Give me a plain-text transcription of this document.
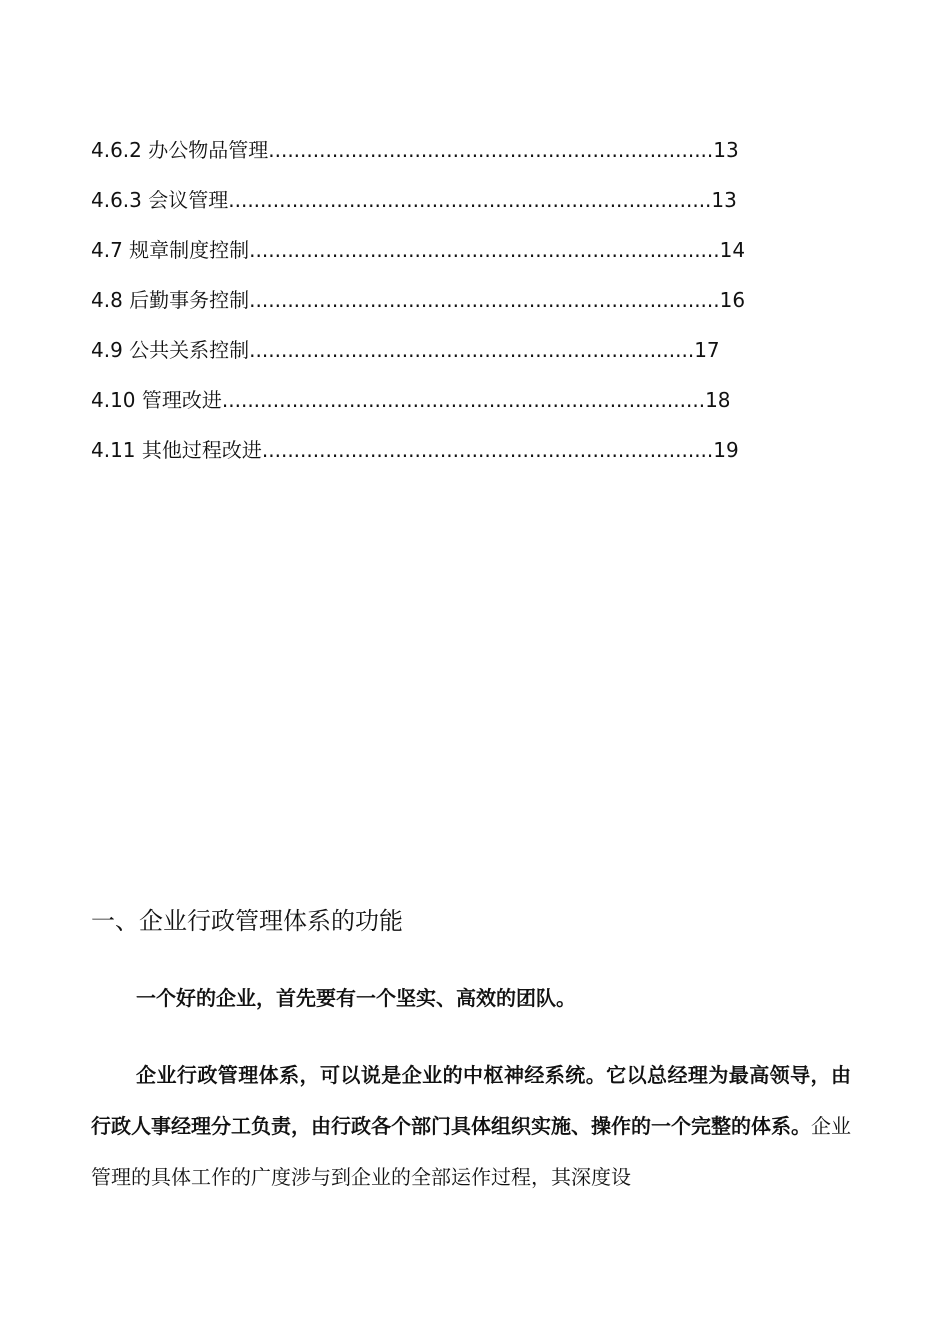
4.6.2 办公物品管理 ...................................................................... 13
4.6.3 会议管理 ............................................................................ 13
4.7 规章制度控制 .......................................................................... 14
4.8 后勤事务控制 .......................................................................... 16
4.9 公共关系控制 ...................................................................... 17
4.10 管理改进 ............................................................................ 18
4.11 其他过程改进 ....................................................................... 19
一、企业行政管理体系的功能

一个好的企业，首先要有一个坚实、高效的团队。

企业行政管理体系，可以说是企业的中枢神经系统。它以总经理为最高领导，由行政人事经理分工负责，由行政各个部门具体组织实施、操作的一个完整的体系。企业管理的具体工作的广度涉与到企业的全部运作过程，其深度设
